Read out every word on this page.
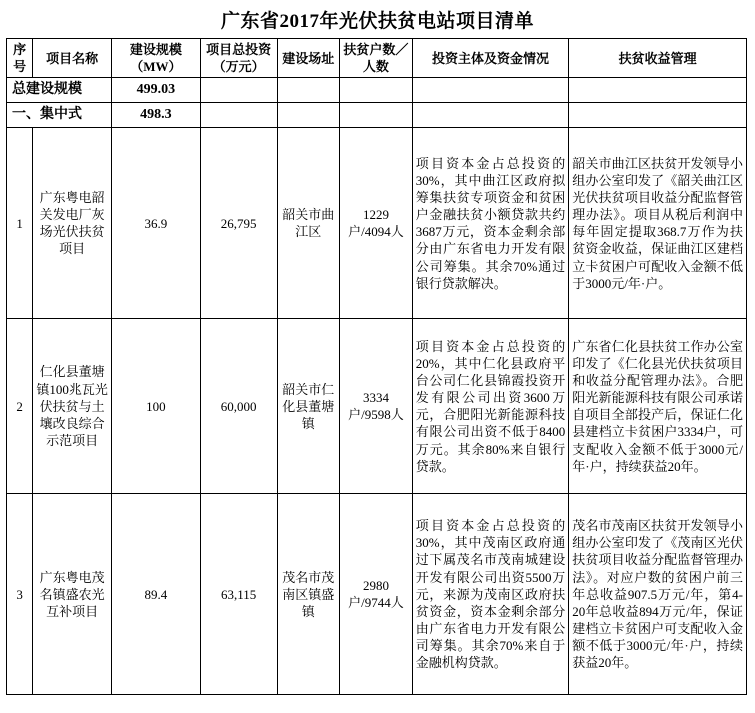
广东省2017年光伏扶贫电站项目清单
序号	项目名称	建设规模（MW）	项目总投资（万元）	建设场址	扶贫户数／人数	投资主体及资金情况	扶贫收益管理
总建设规模		499.03					
一、集中式		498.3					
1	广东粤电韶关发电厂灰场光伏扶贫项目	36.9	26,795	韶关市曲江区	1229户/4094人	项目资本金占总投资的30%，其中曲江区政府拟筹集扶贫专项资金和贫困户金融扶贫小额贷款共约3687万元，资本金剩余部分由广东省电力开发有限公司筹集。其余70%通过银行贷款解决。	韶关市曲江区扶贫开发领导小组办公室印发了《韶关曲江区光伏扶贫项目收益分配监督管理办法》。项目从税后利润中每年固定提取368.7万作为扶贫资金收益，保证曲江区建档立卡贫困户可配收入金额不低于3000元/年·户。
2	仁化县董塘镇100兆瓦光伏扶贫与土壤改良综合示范项目	100	60,000	韶关市仁化县董塘镇	3334户/9598人	项目资本金占总投资的20%，其中仁化县政府平台公司仁化县锦霞投资开发有限公司出资3600万元，合肥阳光新能源科技有限公司出资不低于8400万元。其余80%来自银行贷款。	广东省仁化县扶贫工作办公室印发了《仁化县光伏扶贫项目和收益分配管理办法》。合肥阳光新能源科技有限公司承诺自项目全部投产后，保证仁化县建档立卡贫困户3334户，可支配收入金额不低于3000元/年·户，持续获益20年。
3	广东粤电茂名镇盛农光互补项目	89.4	63,115	茂名市茂南区镇盛镇	2980户/9744人	项目资本金占总投资的30%，其中茂南区政府通过下属茂名市茂南城建设开发有限公司出资5500万元，来源为茂南区政府扶贫资金，资本金剩余部分由广东省电力开发有限公司筹集。其余70%来自于金融机构贷款。	茂名市茂南区扶贫开发领导小组办公室印发了《茂南区光伏扶贫项目收益分配监督管理办法》。对应户数的贫困户前三年总收益907.5万元/年，第4-20年总收益894万元/年，保证建档立卡贫困户可支配收入金额不低于3000元/年·户，持续获益20年。
